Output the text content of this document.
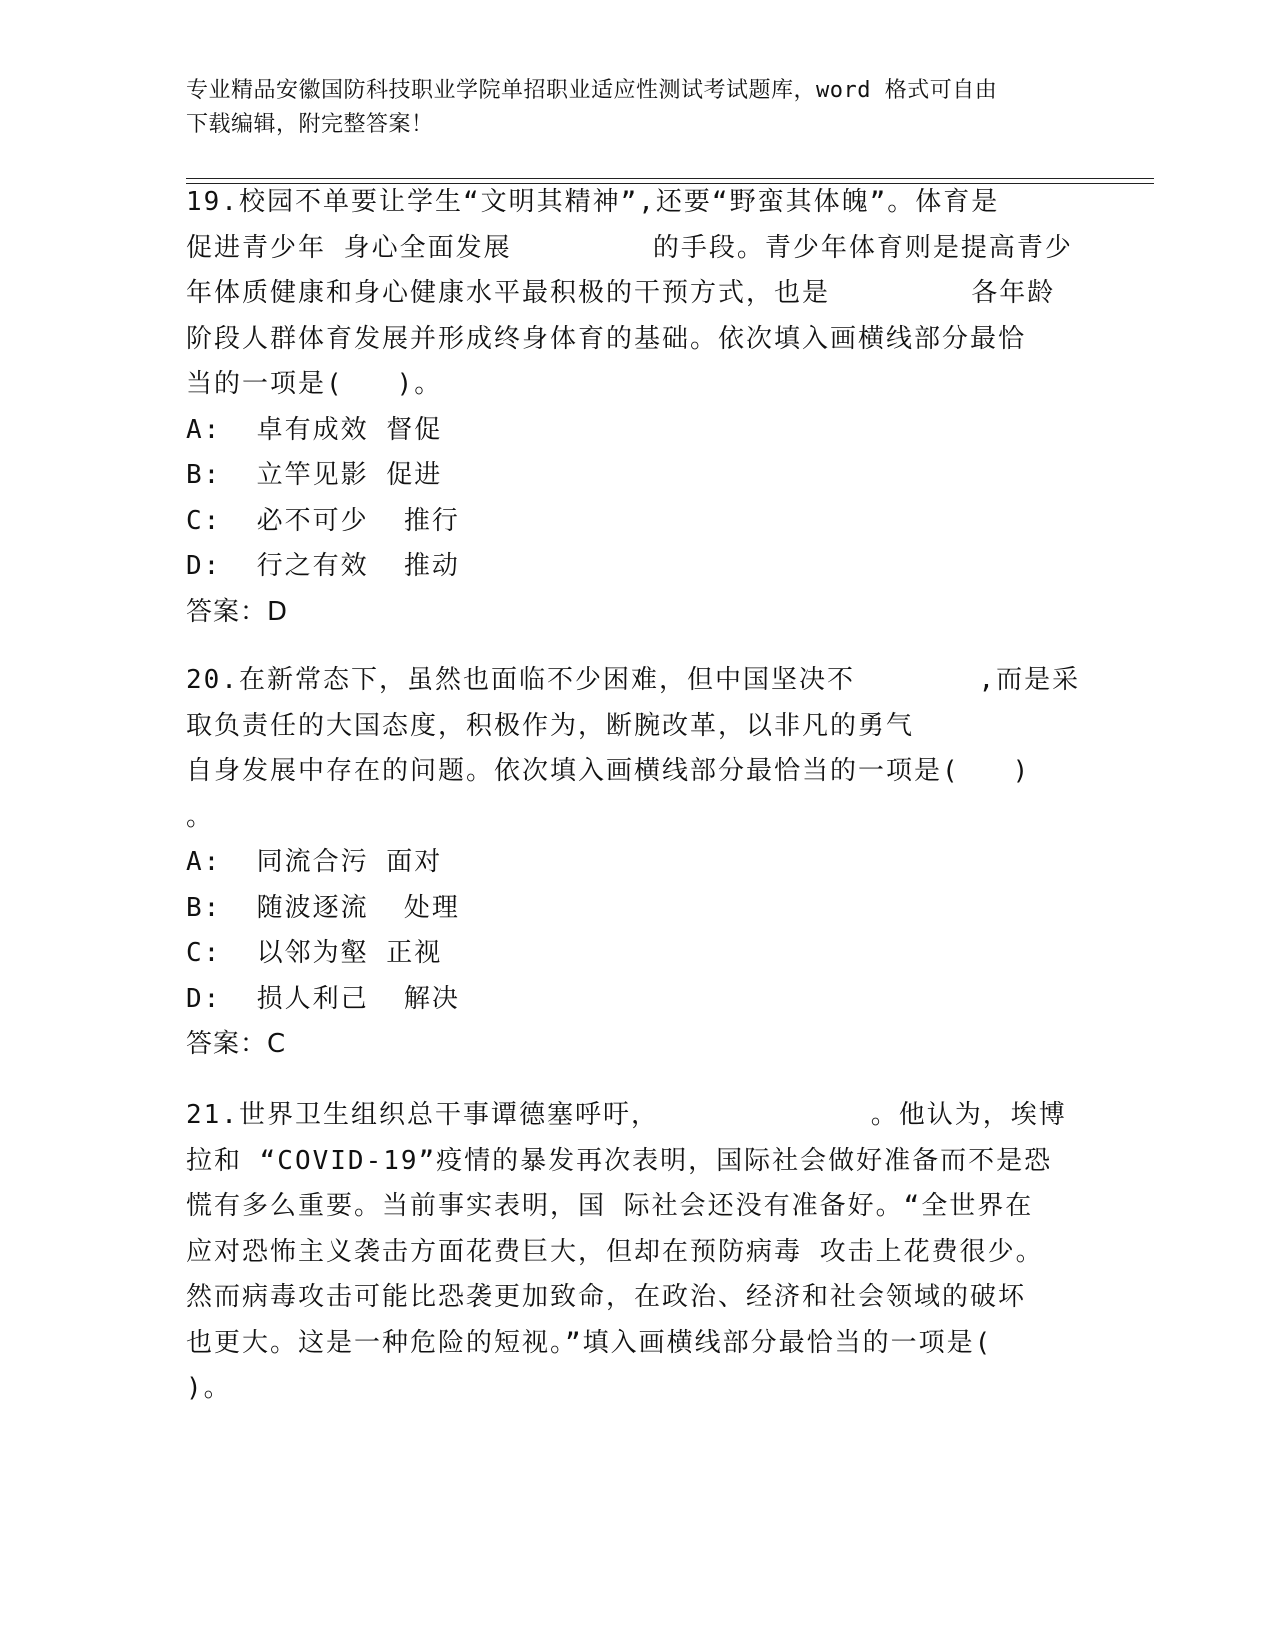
专业精品安徽国防科技职业学院单招职业适应性测试考试题库，word 格式可自由
下载编辑，附完整答案！
19.校园不单要让学生“文明其精神”,还要“野蛮其体魄”。体育是
促进青少年 身心全面发展        的手段。青少年体育则是提高青少
年体质健康和身心健康水平最积极的干预方式，也是        各年龄
阶段人群体育发展并形成终身体育的基础。依次填入画横线部分最恰
当的一项是(   )。
A:  卓有成效 督促
B:  立竿见影 促进
C:  必不可少  推行
D:  行之有效  推动
答案：D
20.在新常态下，虽然也面临不少困难，但中国坚决不       ,而是采
取负责任的大国态度，积极作为，断腕改革，以非凡的勇气
自身发展中存在的问题。依次填入画横线部分最恰当的一项是(   )
。
A:  同流合污 面对
B:  随波逐流  处理
C:  以邻为壑 正视
D:  损人利己  解决
答案：C
21.世界卫生组织总干事谭德塞呼吁，            。他认为，埃博
拉和 “COVID-19”疫情的暴发再次表明，国际社会做好准备而不是恐
慌有多么重要。当前事实表明，国 际社会还没有准备好。“全世界在
应对恐怖主义袭击方面花费巨大，但却在预防病毒 攻击上花费很少。
然而病毒攻击可能比恐袭更加致命，在政治、经济和社会领域的破坏
也更大。这是一种危险的短视。”填入画横线部分最恰当的一项是(
)。
